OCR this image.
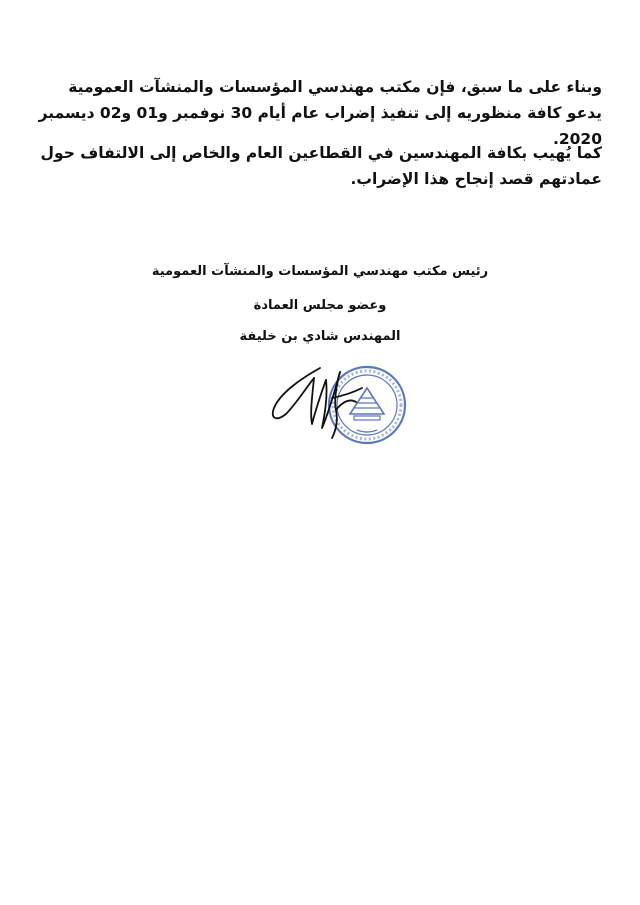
وبناء على ما سبق، فإن مكتب مهندسي المؤسسات والمنشآت العمومية يدعو كافة منظوريه إلى تنفيذ إضراب عام أيام 30 نوفمبر و01 و02 ديسمبر 2020.

كما يُهيب بكافة المهندسين في القطاعين العام والخاص إلى الالتفاف حول عمادتهم قصد إنجاح هذا الإضراب.

رئيس مكتب مهندسي المؤسسات والمنشآت العمومية

وعضو مجلس العمادة

المهندس شادي بن خليفة
